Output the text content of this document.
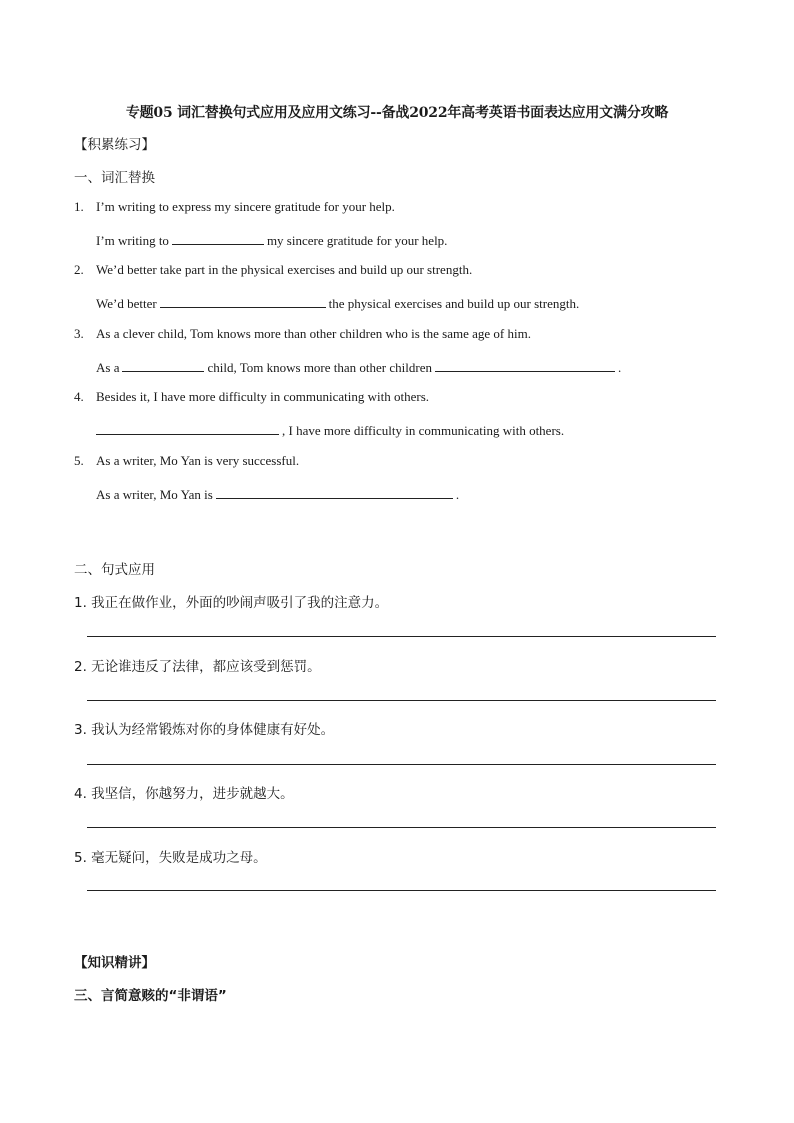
专题05 词汇替换句式应用及应用文练习--备战2022年高考英语书面表达应用文满分攻略
【积累练习】
一、词汇替换
1. I’m writing to express my sincere gratitude for your help.
I’m writing to	my sincere gratitude for your help.
2. We’d better take part in the physical exercises and build up our strength.
We’d better	the physical exercises and build up our strength.
3. As a clever child, Tom knows more than other children who is the same age of him.
As a	child, Tom knows more than other children	.
4. Besides it, I have more difficulty in communicating with others.
, I have more difficulty in communicating with others.
5. As a writer, Mo Yan is very successful.
As a writer, Mo Yan is	.
二、句式应用
1. 我正在做作业，外面的吵闹声吸引了我的注意力。
2. 无论谁违反了法律，都应该受到惩罚。
3. 我认为经常锻炼对你的身体健康有好处。
4. 我坚信，你越努力，进步就越大。
5. 毫无疑问，失败是成功之母。
【知识精讲】
三、言简意赅的“非谓语”
